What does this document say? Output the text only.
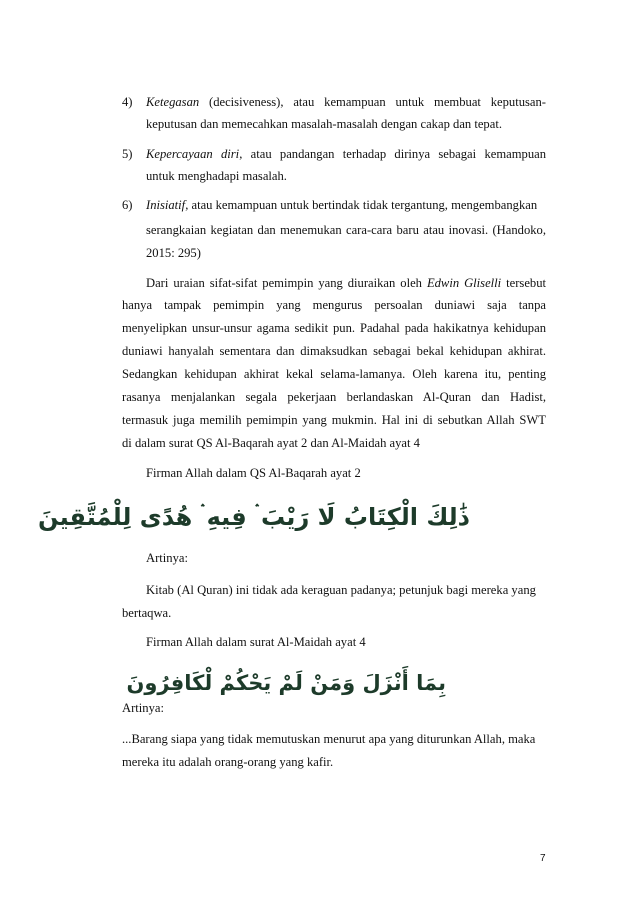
4) Ketegasan (decisiveness), atau kemampuan untuk membuat keputusan-
keputusan dan memecahkan masalah-masalah dengan cakap dan tepat.
5) Kepercayaan diri, atau pandangan terhadap dirinya sebagai kemampuan
untuk menghadapi masalah.
6) Inisiatif, atau kemampuan untuk bertindak tidak tergantung, mengembangkan
serangkaian kegiatan dan menemukan cara-cara baru atau inovasi. (Handoko,
2015: 295)
Dari uraian sifat-sifat pemimpin yang diuraikan oleh Edwin Gliselli tersebut
hanya tampak pemimpin yang mengurus persoalan duniawi saja tanpa
menyelipkan unsur-unsur agama sedikit pun. Padahal pada hakikatnya kehidupan
duniawi hanyalah sementara dan dimaksudkan sebagai bekal kehidupan akhirat.
Sedangkan kehidupan akhirat kekal selama-lamanya. Oleh karena itu, penting
rasanya menjalankan segala pekerjaan berlandaskan Al-Quran dan Hadist,
termasuk juga memilih pemimpin yang mukmin. Hal ini di sebutkan Allah SWT
di dalam surat QS Al-Baqarah ayat 2 dan Al-Maidah ayat 4
Firman Allah dalam QS Al-Baqarah ayat 2
ذَٰلِكَ الْكِتَابُ لَا رَيْبَ ۛ فِيهِ ۛ هُدًى لِلْمُتَّقِينَ
Artinya:
Kitab (Al Quran) ini tidak ada keraguan padanya; petunjuk bagi mereka yang
bertaqwa.
Firman Allah dalam surat Al-Maidah ayat 4
بِمَا أَنْزَلَ وَمَنْ لَمْ يَحْكُمْ لْكَافِرُونَ
Artinya:
...Barang siapa yang tidak memutuskan menurut apa yang diturunkan Allah, maka
mereka itu adalah orang-orang yang kafir.
7
